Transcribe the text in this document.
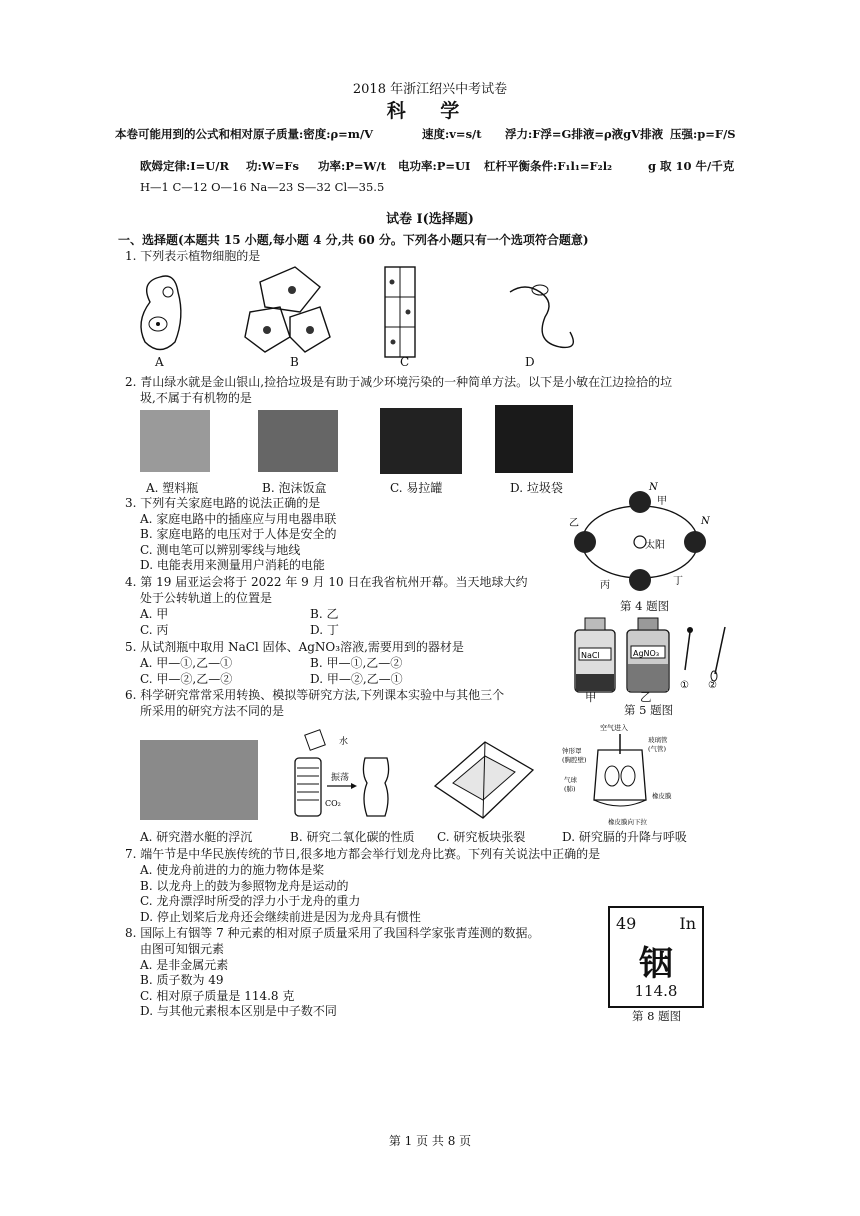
2018 年浙江绍兴中考试卷
科 学
本卷可能用到的公式和相对原子质量:密度:ρ=m/V	速度:v=s/t 浮力:F浮=G排液=ρ液gV排液 压强:p=F/S
欧姆定律:I=U/R 功:W=Fs 功率:P=W/t 电功率:P=UI 杠杆平衡条件:F₁l₁=F₂l₂	g 取 10 牛/千克
H—1 C—12 O—16 Na—23 S—32 Cl—35.5
试卷 Ⅰ(选择题)
一、选择题(本题共 15 小题,每小题 4 分,共 60 分。下列各小题只有一个选项符合题意)
1. 下列表示植物细胞的是
A	B	C	D
2. 青山绿水就是金山银山,捡拾垃圾是有助于减少环境污染的一种简单方法。以下是小敏在江边捡拾的垃
圾,不属于有机物的是
A. 塑料瓶	B. 泡沫饭盒	C. 易拉罐	D. 垃圾袋
3. 下列有关家庭电路的说法正确的是
A. 家庭电路中的插座应与用电器串联
B. 家庭电路的电压对于人体是安全的
C. 测电笔可以辨别零线与地线
D. 电能表用来测量用户消耗的电能
甲
乙
丙	丁
太阳
N
N
第 4 题图
4. 第 19 届亚运会将于 2022 年 9 月 10 日在我省杭州开幕。当天地球大约
处于公转轨道上的位置是
A. 甲	B. 乙
C. 丙	D. 丁
5. 从试剂瓶中取用 NaCl 固体、AgNO₃溶液,需要用到的器材是
A. 甲—①,乙—①	B. 甲—①,乙—②
C. 甲—②,乙—②	D. 甲—②,乙—①
NaCl	AgNO₃
① ②
甲	乙
第 5 题图
6. 科学研究常常采用转换、模拟等研究方法,下列课本实验中与其他三个
所采用的研究方法不同的是
水
振荡
CO₂
空气进入
钟形罩
(胸腔壁)
玻璃管
(气管)
气球
(肺)
橡皮膜
橡皮膜向下拉
A. 研究潜水艇的浮沉	B. 研究二氧化碳的性质 C. 研究板块张裂	D. 研究膈的升降与呼吸
7. 端午节是中华民族传统的节日,很多地方都会举行划龙舟比赛。下列有关说法中正确的是
A. 使龙舟前进的力的施力物体是桨
B. 以龙舟上的鼓为参照物龙舟是运动的
C. 龙舟漂浮时所受的浮力小于龙舟的重力
D. 停止划桨后龙舟还会继续前进是因为龙舟具有惯性
8. 国际上有铟等 7 种元素的相对原子质量采用了我国科学家张青莲测的数据。
由图可知铟元素
A. 是非金属元素
B. 质子数为 49
C. 相对原子质量是 114.8 克
D. 与其他元素根本区别是中子数不同
49	In
铟
114.8
第 8 题图
第 1 页 共 8 页
